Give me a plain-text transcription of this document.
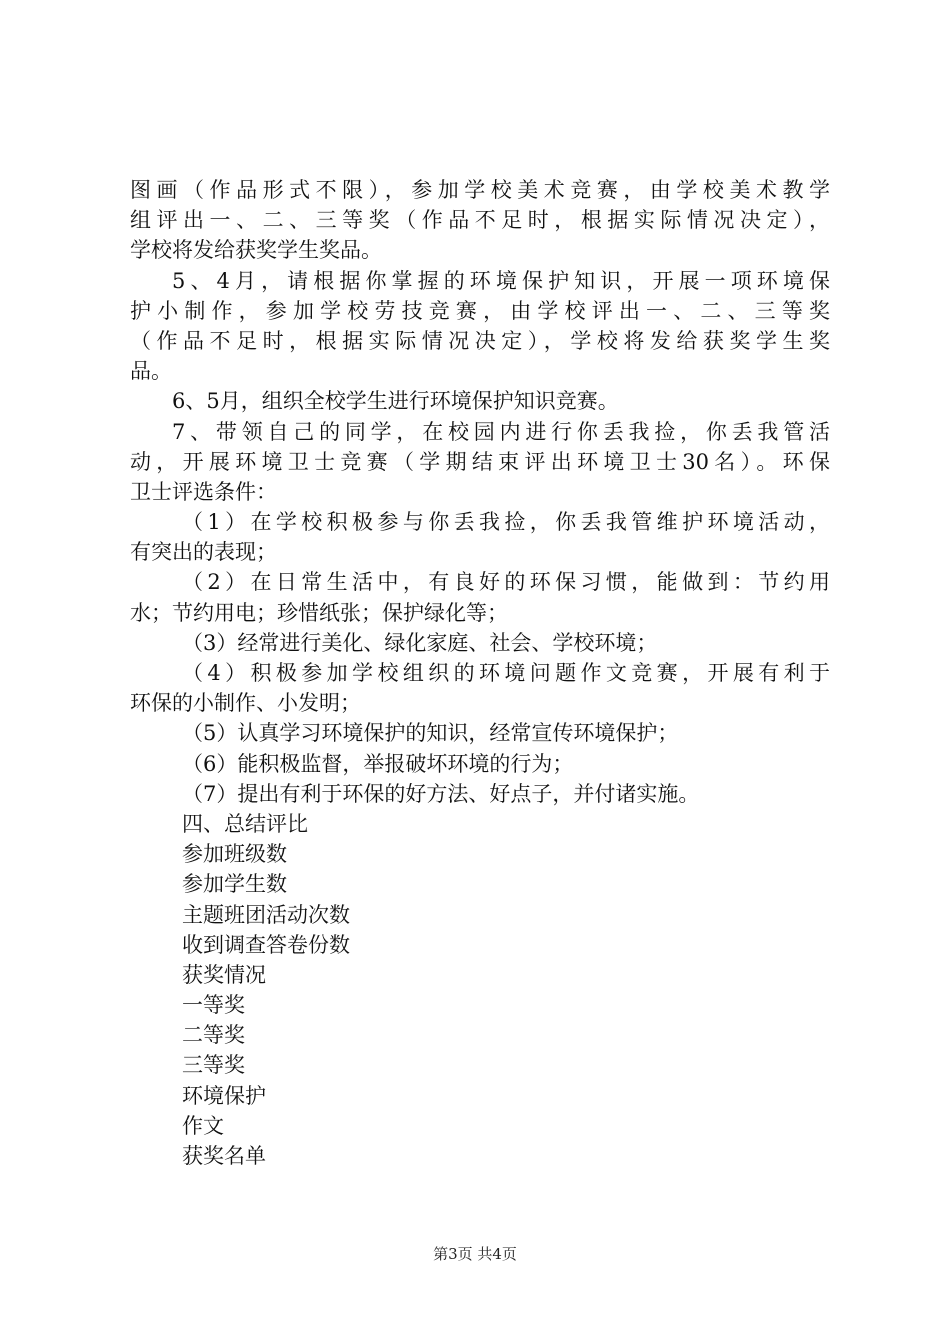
图画（作品形式不限），参加学校美术竞赛，由学校美术教学
组评出一、二、三等奖（作品不足时，根据实际情况决定），
学校将发给获奖学生奖品。
5、4月，请根据你掌握的环境保护知识，开展一项环境保
护小制作，参加学校劳技竞赛，由学校评出一、二、三等奖
（作品不足时，根据实际情况决定），学校将发给获奖学生奖
品。
6、5月，组织全校学生进行环境保护知识竞赛。
7、带领自己的同学，在校园内进行你丢我捡，你丢我管活
动，开展环境卫士竞赛（学期结束评出环境卫士30名）。环保
卫士评选条件：
（1）在学校积极参与你丢我捡，你丢我管维护环境活动，
有突出的表现；
（2）在日常生活中，有良好的环保习惯，能做到：节约用
水；节约用电；珍惜纸张；保护绿化等；
（3）经常进行美化、绿化家庭、社会、学校环境；
（4）积极参加学校组织的环境问题作文竞赛，开展有利于
环保的小制作、小发明；
（5）认真学习环境保护的知识，经常宣传环境保护；
（6）能积极监督，举报破坏环境的行为；
（7）提出有利于环保的好方法、好点子，并付诸实施。
四、总结评比
参加班级数
参加学生数
主题班团活动次数
收到调查答卷份数
获奖情况
一等奖
二等奖
三等奖
环境保护
作文
获奖名单
第3页 共4页
